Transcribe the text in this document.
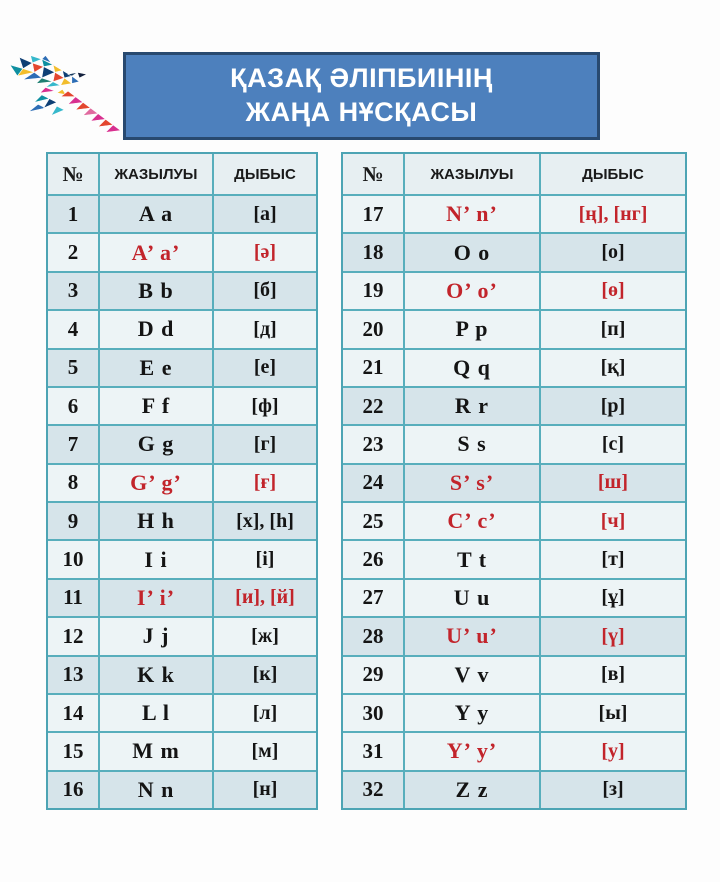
ҚАЗАҚ ӘЛІПБИІНІҢ
ЖАҢА НҰСҚАСЫ
№	ЖАЗЫЛУЫ	ДЫБЫС
1	A a	[а]
2	A’ a’	[ә]
3	B b	[б]
4	D d	[д]
5	E e	[е]
6	F f	[ф]
7	G g	[г]
8	G’ g’	[ғ]
9	H h	[х], [h]
10	I i	[і]
11	I’ i’	[и], [й]
12	J j	[ж]
13	K k	[к]
14	L l	[л]
15	M m	[м]
16	N n	[н]
№	ЖАЗЫЛУЫ	ДЫБЫС
17	N’ n’	[ң], [нг]
18	O o	[о]
19	O’ o’	[ө]
20	P p	[п]
21	Q q	[қ]
22	R r	[р]
23	S s	[с]
24	S’ s’	[ш]
25	C’ c’	[ч]
26	T t	[т]
27	U u	[ұ]
28	U’ u’	[ү]
29	V v	[в]
30	Y y	[ы]
31	Y’ y’	[у]
32	Z z	[з]
